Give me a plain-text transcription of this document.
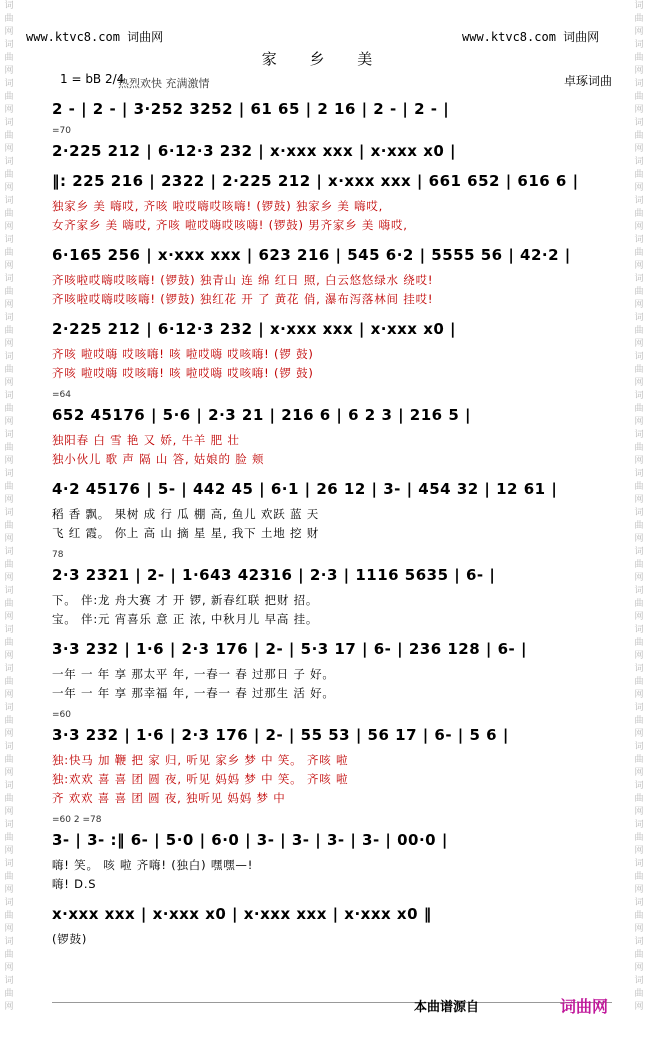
词
曲
网
词
曲
网
词
曲
网
词
曲
网
词
曲
网
词
曲
网
词
曲
网
词
曲
网
词
曲
网
词
曲
网
词
曲
网
词
曲
网
词
曲
网
词
曲
网
词
曲
网
词
曲
网
词
曲
网
词
曲
网
词
曲
网
词
曲
网
词
曲
网
词
曲
网
词
曲
网
词
曲
网
词
曲
网
词
曲
网
词
曲
网
词
曲
网
词
曲
网
词
曲
网
词
曲
网
词
曲
网
词
曲
网
词
曲
网
词
曲
网
词
曲
网
词
曲
网
词
曲
网
词
曲
网
词
曲
网
词
曲
网
词
曲
网
词
曲
网
词
曲
网
词
曲
网
词
曲
网
词
曲
网
词
曲
网
词
曲
网
词
曲
网
词
曲
网
词
曲
网
www.ktvc8.com 词曲网	www.ktvc8.com 词曲网
家 乡 美
1 = bB 2/4
热烈欢快 充满激情	卓琢词曲
2 - | 2 - | 3·252 3252 | 61 65 | 2 16 | 2 - | 2 - |
=70
2·225 212 | 6·12·3 232 | x·xxx xxx | x·xxx x0 |
‖: 225 216 | 2322 | 2·225 212 | x·xxx xxx | 661 652 | 616 6 |
独家乡 美 嗨哎, 齐咳 啦哎嗨哎咳嗨! (锣鼓) 独家乡 美 嗨哎,
女齐家乡 美 嗨哎, 齐咳 啦哎嗨哎咳嗨! (锣鼓) 男齐家乡 美 嗨哎,
6·165 256 | x·xxx xxx | 623 216 | 545 6·2 | 5555 56 | 42·2 |
齐咳啦哎嗨哎咳嗨! (锣鼓) 独青山 连 绵 红日 照, 白云悠悠绿水 绕哎!
齐咳啦哎嗨哎咳嗨! (锣鼓) 独红花 开 了 黄花 俏, 瀑布泻落林间 挂哎!
2·225 212 | 6·12·3 232 | x·xxx xxx | x·xxx x0 |
齐咳 啦哎嗨 哎咳嗨! 咳 啦哎嗨 哎咳嗨! (锣 鼓)
齐咳 啦哎嗨 哎咳嗨! 咳 啦哎嗨 哎咳嗨! (锣 鼓)
=64
652 45176 | 5·6 | 2·3 21 | 216 6 | 6 2 3 | 216 5 |
独阳春 白 雪 艳 又 娇, 牛羊 肥 壮
独小伙儿 歌 声 隔 山 答, 姑娘的 脸 颊
4·2 45176 | 5- | 442 45 | 6·1 | 26 12 | 3- | 454 32 | 12 61 |
稻 香 飘。 果树 成 行 瓜 棚 高, 鱼儿 欢跃 蓝 天
飞 红 霞。 你上 高 山 摘 星 星, 我下 土地 挖 财
78
2·3 2321 | 2- | 1·643 42316 | 2·3 | 1116 5635 | 6- |
下。 伴:龙 舟大赛 才 开 锣, 新春红联 把财 招。
宝。 伴:元 宵喜乐 意 正 浓, 中秋月儿 早高 挂。
3·3 232 | 1·6 | 2·3 176 | 2- | 5·3 17 | 6- | 236 128 | 6- |
一年 一 年 享 那太平 年, 一春一 春 过那日 子 好。
一年 一 年 享 那幸福 年, 一春一 春 过那生 活 好。
=60
3·3 232 | 1·6 | 2·3 176 | 2- | 55 53 | 56 17 | 6- | 5 6 |
独:快马 加 鞭 把 家 归, 听见 家乡 梦 中 笑。 齐咳 啦
独:欢欢 喜 喜 团 圆 夜, 听见 妈妈 梦 中 笑。 齐咳 啦
齐 欢欢 喜 喜 团 圆 夜, 独听见 妈妈 梦 中
=60 2 =78
3- | 3- :‖ 6- | 5·0 | 6·0 | 3- | 3- | 3- | 3- | 00·0 |
嗨! 笑。 咳 啦 齐嗨! (独白) 嘿嘿—!
嗨! D.S
x·xxx xxx | x·xxx x0 | x·xxx xxx | x·xxx x0 ‖
(锣鼓)
本曲谱源自	词曲网
